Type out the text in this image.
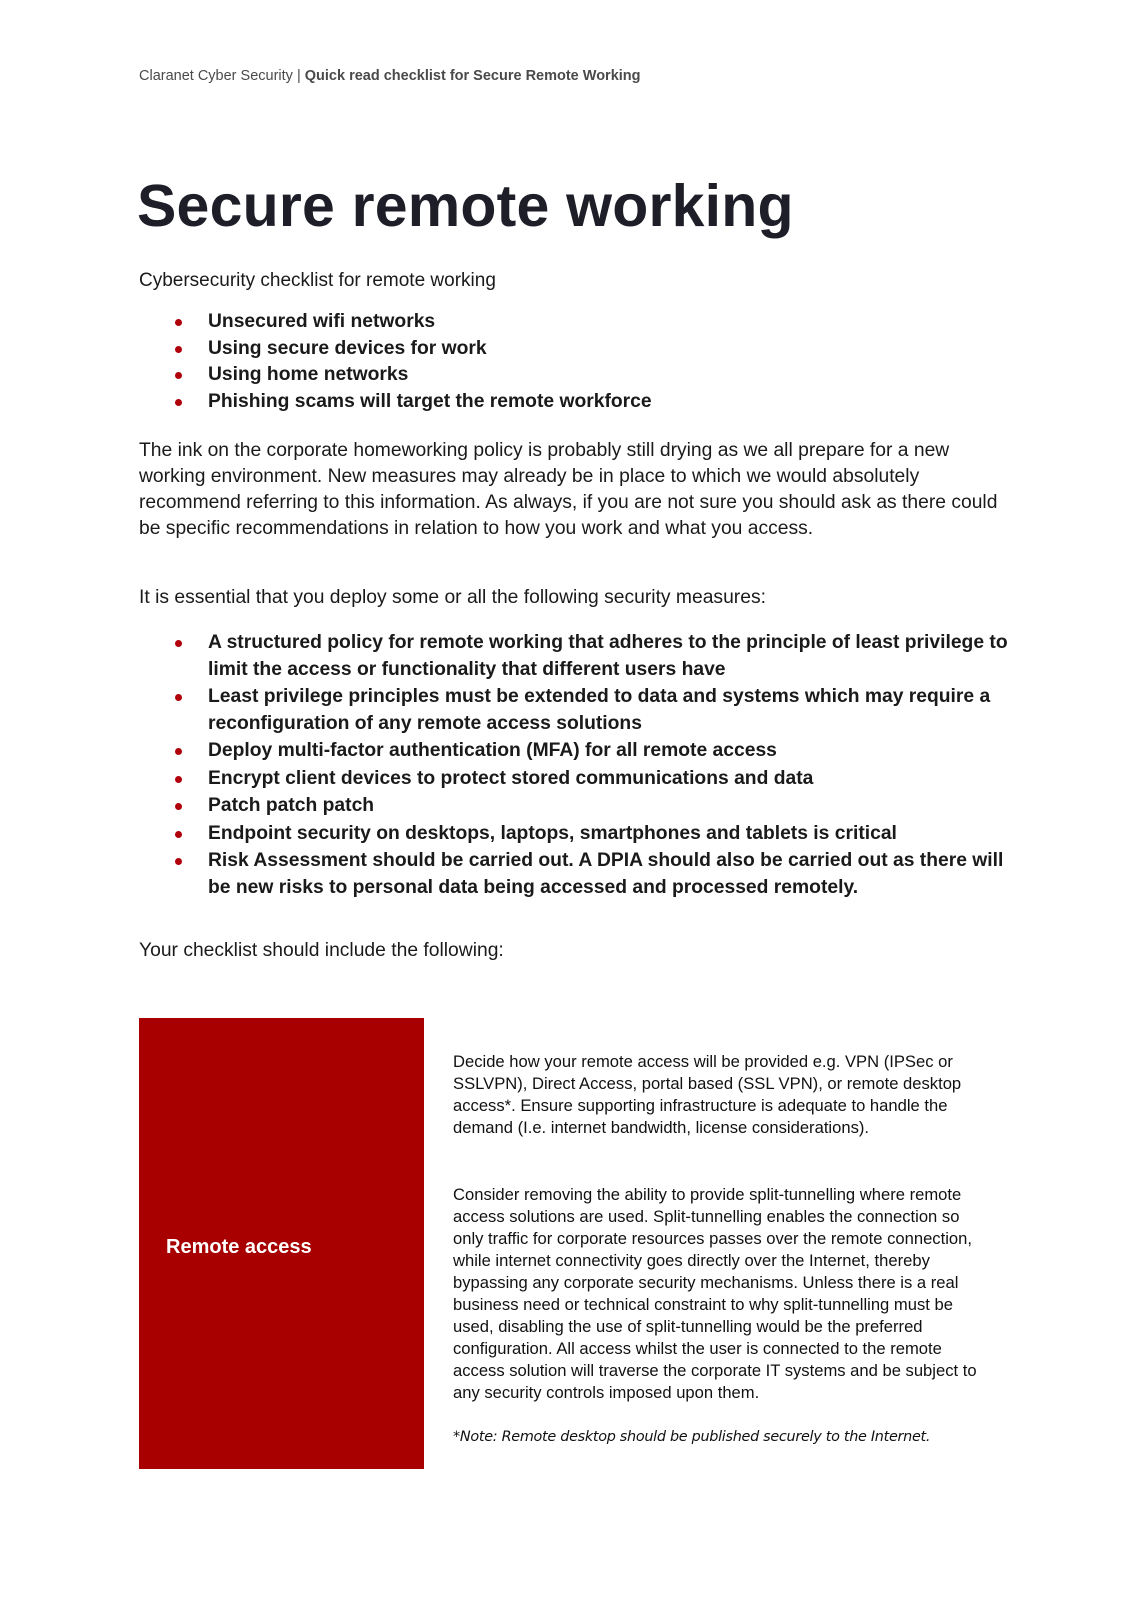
Claranet Cyber Security | Quick read checklist for Secure Remote Working
Secure remote working
Cybersecurity checklist for remote working
Unsecured wifi networks
Using secure devices for work
Using home networks
Phishing scams will target the remote workforce

The ink on the corporate homeworking policy is probably still drying as we all prepare for a new working environment. New measures may already be in place to which we would absolutely recommend referring to this information. As always, if you are not sure you should ask as there could be specific recommendations in relation to how you work and what you access.

It is essential that you deploy some or all the following security measures:

A structured policy for remote working that adheres to the principle of least privilege to limit the access or functionality that different users have
Least privilege principles must be extended to data and systems which may require a reconfiguration of any remote access solutions
Deploy multi-factor authentication (MFA) for all remote access
Encrypt client devices to protect stored communications and data
Patch patch patch
Endpoint security on desktops, laptops, smartphones and tablets is critical
Risk Assessment should be carried out. A DPIA should also be carried out as there will be new risks to personal data being accessed and processed remotely.

Your checklist should include the following:

Remote access

Decide how your remote access will be provided e.g. VPN (IPSec or SSLVPN), Direct Access, portal based (SSL VPN), or remote desktop access*. Ensure supporting infrastructure is adequate to handle the demand (I.e. internet bandwidth, license considerations).

Consider removing the ability to provide split-tunnelling where remote access solutions are used. Split-tunnelling enables the connection so only traffic for corporate resources passes over the remote connection, while internet connectivity goes directly over the Internet, thereby bypassing any corporate security mechanisms. Unless there is a real business need or technical constraint to why split-tunnelling must be used, disabling the use of split-tunnelling would be the preferred configuration. All access whilst the user is connected to the remote access solution will traverse the corporate IT systems and be subject to any security controls imposed upon them.

*Note: Remote desktop should be published securely to the Internet.
